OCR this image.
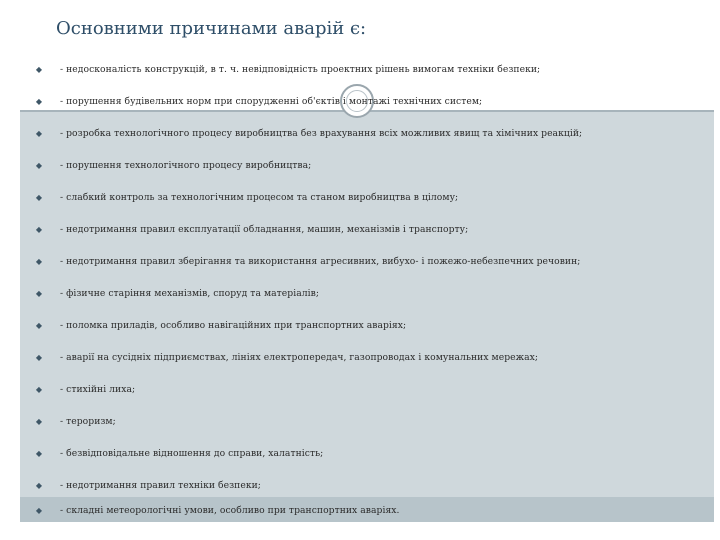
Основними причинами аварій є:
◆ - недосконалість конструкцій, в т. ч. невідповідність проектних рішень вимогам техніки безпеки;
◆ - порушення будівельних норм при спорудженні об'єктів і монтажі технічних систем;
◆ - розробка технологічного процесу виробництва без врахування всіх можливих явищ та хімічних реакцій;
◆ - порушення технологічного процесу виробництва;
◆ - слабкий контроль за технологічним процесом та станом виробництва в цілому;
◆ - недотримання правил експлуатації обладнання, машин, механізмів і транспорту;
◆ - недотримання правил зберігання та використання агресивних, вибухо- і пожежо-небезпечних речовин;
◆ - фізичне старіння механізмів, споруд та матеріалів;
◆ - поломка приладів, особливо навігаційних при транспортних аваріях;
◆ - аварії на сусідніх підприємствах, лініях електропередач, газопроводах і комунальних мережах;
◆ - стихійні лиха;
◆ - тероризм;
◆ - безвідповідальне відношення до справи, халатність;
◆ - недотримання правил техніки безпеки;
◆ - складні метеорологічні умови, особливо при транспортних аваріях.
